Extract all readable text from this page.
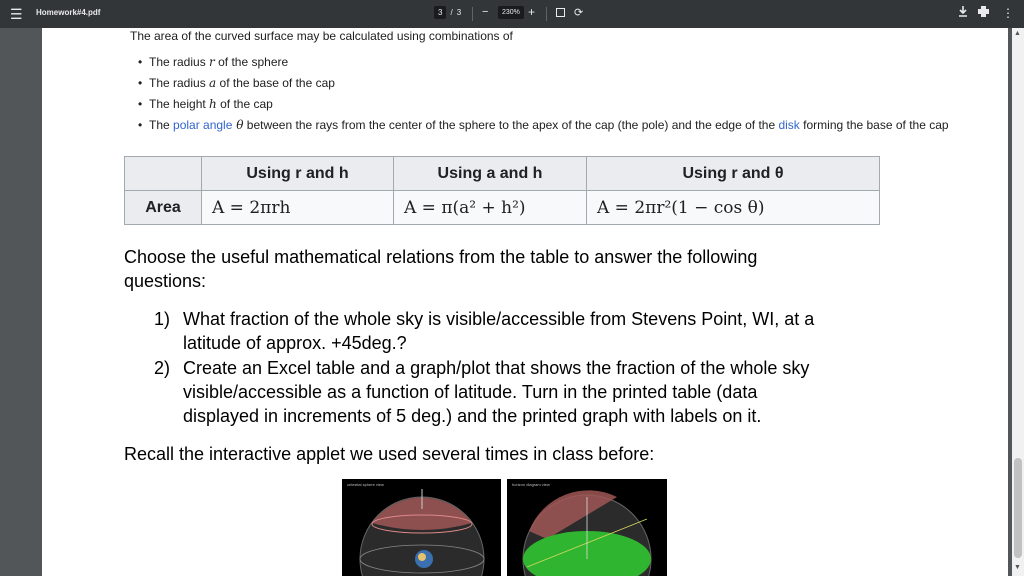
☰ Homework#4.pdf	3	/ 3 −	230% +	⟳	⋮
The area of the curved surface may be calculated using combinations of
• The radius r of the sphere
• The radius a of the base of the cap
• The height h of the cap
• The polar angle θ between the rays from the center of the sphere to the apex of the cap (the pole) and the edge of the disk forming the base of the cap
	Using r and h	Using a and h	Using r and θ
Area	A = 2πrh	A = π(a² + h²)	A = 2πr²(1 − cos θ)
Choose the useful mathematical relations from the table to answer the following
questions:
1) What fraction of the whole sky is visible/accessible from Stevens Point, WI, at a
latitude of approx. +45deg.?
2) Create an Excel table and a graph/plot that shows the fraction of the whole sky
visible/accessible as a function of latitude. Turn in the printed table (data
displayed in increments of 5 deg.) and the printed graph with labels on it.
Recall the interactive applet we used several times in class before:
celestial sphere view	horizon diagram view
▲
▼
